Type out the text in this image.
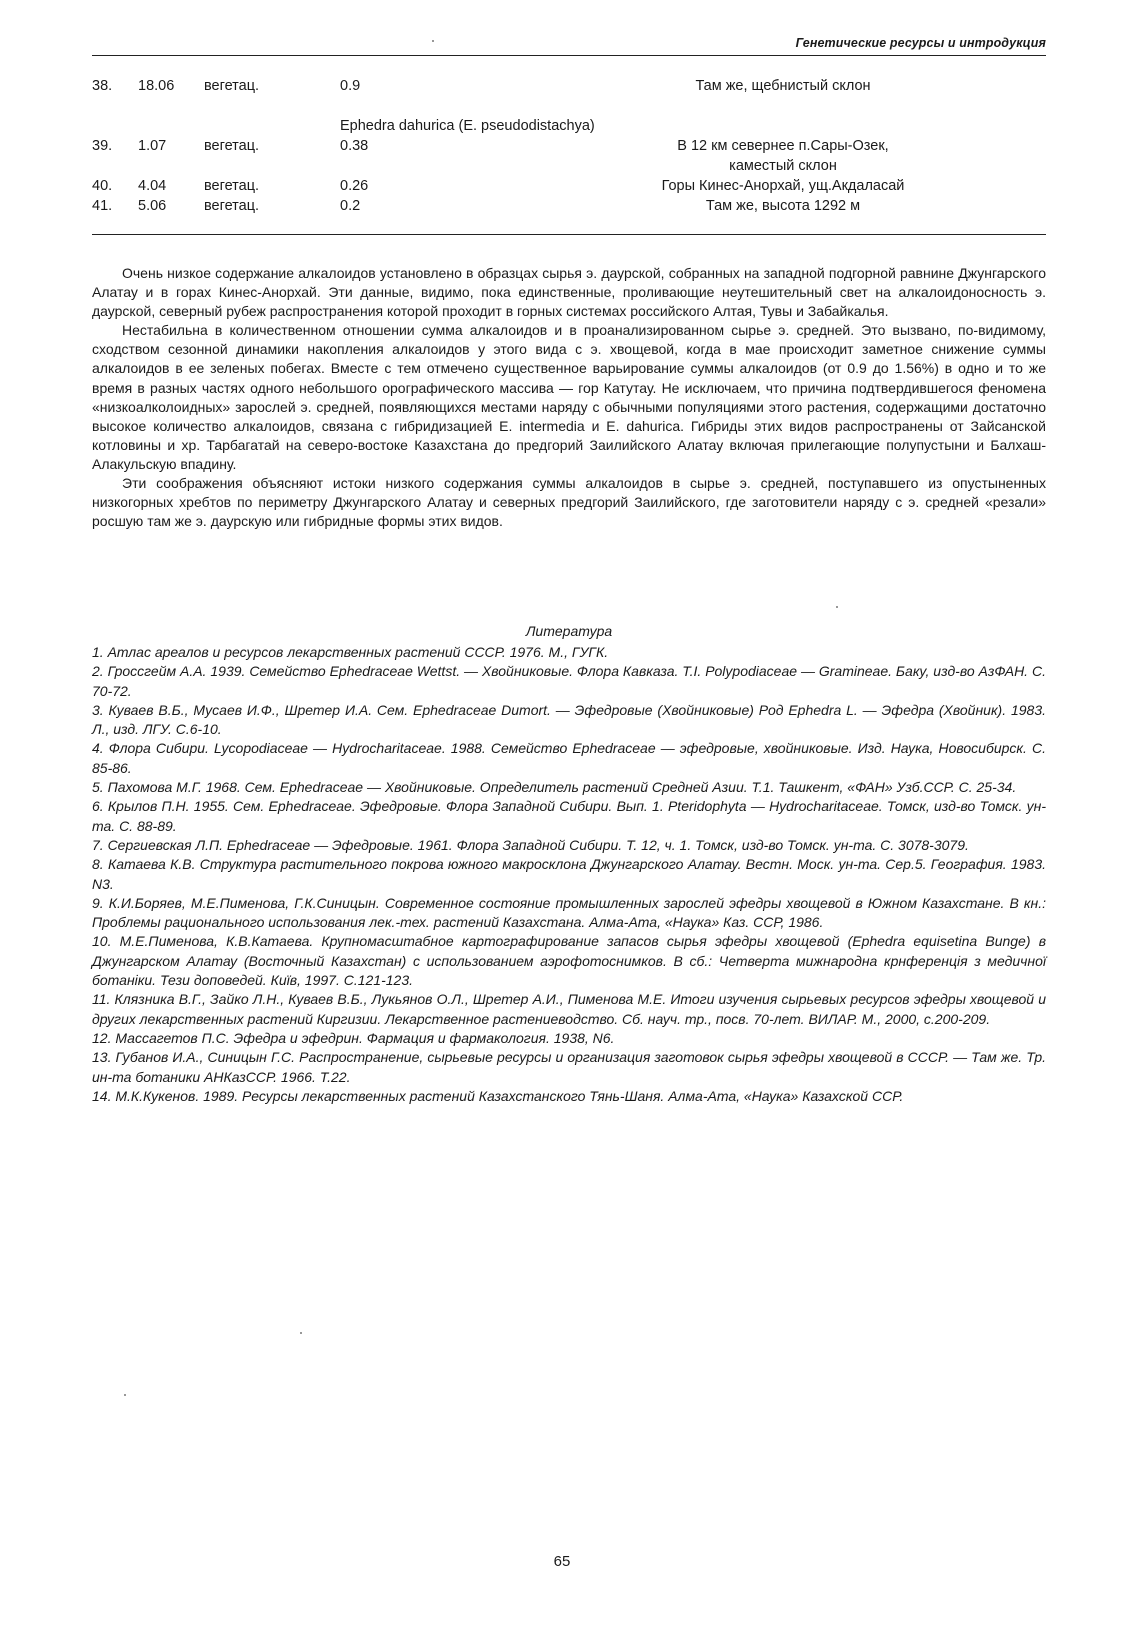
Генетические ресурсы и интродукция
38.	18.06	вегетац.	0.9	Там же, щебнистый склон
Ephedra dahurica (E. pseudodistachya)				
39.	1.07	вегетац.	0.38	В 12 км севернее п.Сары-Озек,
каместый склон
40.	4.04	вегетац.	0.26	Горы Кинес-Анорхай, ущ.Акдаласай
41.	5.06	вегетац.	0.2	Там же, высота 1292 м

Очень низкое содержание алкалоидов установлено в образцах сырья э. даурской, собранных на западной подгорной равнине Джунгарского Алатау и в горах Кинес-Анорхай. Эти данные, видимо, пока единственные, проливающие неутешительный свет на алкалоидоносность э. даурской, северный рубеж распространения которой проходит в горных системах российского Алтая, Тувы и Забайкалья.

Нестабильна в количественном отношении сумма алкалоидов и в проанализированном сырье э. средней. Это вызвано, по-видимому, сходством сезонной динамики накопления алкалоидов у этого вида с э. хвощевой, когда в мае происходит заметное снижение суммы алкалоидов в ее зеленых побегах. Вместе с тем отмечено существенное варьирование суммы алкалоидов (от 0.9 до 1.56%) в одно и то же время в разных частях одного небольшого орографического массива — гор Катутау. Не исключаем, что причина подтвердившегося феномена «низкоалколоидных» зарослей э. средней, появляющихся местами наряду с обычными популяциями этого растения, содержащими достаточно высокое количество алкалоидов, связана с гибридизацией E. intermedia и E. dahurica. Гибриды этих видов распространены от Зайсанской котловины и хр. Тарбагатай на северо-востоке Казахстана до предгорий Заилийского Алатау включая прилегающие полупустыни и Балхаш-Алакульскую впадину.

Эти соображения объясняют истоки низкого содержания суммы алкалоидов в сырье э. средней, поступавшего из опустыненных низкогорных хребтов по периметру Джунгарского Алатау и северных предгорий Заилийского, где заготовители наряду с э. средней «резали» росшую там же э. даурскую или гибридные формы этих видов.

Литература

1. Атлас ареалов и ресурсов лекарственных растений СССР. 1976. М., ГУГК.

2. Гроссгейм А.А. 1939. Семейство Ephedraceae Wettst. — Хвойниковые. Флора Кавказа. Т.I. Polypodiaceae — Gramineae. Баку, изд-во АзФАН. С. 70-72.

3. Куваев В.Б., Мусаев И.Ф., Шретер И.А. Сем. Ephedraceae Dumort. — Эфедровые (Хвойниковые) Род Ephedra L. — Эфедра (Хвойник). 1983. Л., изд. ЛГУ. С.6-10.

4. Флора Сибири. Lycopodiaceae — Hydrocharitaceae. 1988. Семейство Ephedraceae — эфедровые, хвойниковые. Изд. Наука, Новосибирск. С. 85-86.

5. Пахомова М.Г. 1968. Сем. Ephedraceae — Хвойниковые. Определитель растений Средней Азии. Т.1. Ташкент, «ФАН» Узб.ССР. С. 25-34.

6. Крылов П.Н. 1955. Сем. Ephedraceae. Эфедровые. Флора Западной Сибири. Вып. 1. Pteridophyta — Hydrocharitaceae. Томск, изд-во Томск. ун-та. С. 88-89.

7. Сергиевская Л.П. Ephedraceae — Эфедровые. 1961. Флора Западной Сибири. Т. 12, ч. 1. Томск, изд-во Томск. ун-та. С. 3078-3079.

8. Катаева К.В. Структура растительного покрова южного макросклона Джунгарского Алатау. Вестн. Моск. ун-та. Сер.5. География. 1983. N3.

9. К.И.Боряев, М.Е.Пименова, Г.К.Синицын. Современное состояние промышленных зарослей эфедры хвощевой в Южном Казахстане. В кн.: Проблемы рационального использования лек.-тех. растений Казахстана. Алма-Ата, «Наука» Каз. ССР, 1986.

10. М.Е.Пименова, К.В.Катаева. Крупномасштабное картографирование запасов сырья эфедры хвощевой (Ephedra equisetina Bunge) в Джунгарском Алатау (Восточный Казахстан) с использованием аэрофотоснимков. В сб.: Четверта мижнародна крнференція з медичної ботаніки. Тези доповедей. Київ, 1997. С.121-123.

11. Клязника В.Г., Зайко Л.Н., Куваев В.Б., Лукьянов О.Л., Шретер А.И., Пименова М.Е. Итоги изучения сырьевых ресурсов эфедры хвощевой и других лекарственных растений Киргизии. Лекарственное растениеводство. Сб. науч. тр., посв. 70-лет. ВИЛАР. М., 2000, с.200-209.

12. Массагетов П.С. Эфедра и эфедрин. Фармация и фармакология. 1938, N6.

13. Губанов И.А., Синицын Г.С. Распространение, сырьевые ресурсы и организация заготовок сырья эфедры хвощевой в СССР. — Там же. Тр. ин-та ботаники АНКазССР. 1966. Т.22.

14. М.К.Кукенов. 1989. Ресурсы лекарственных растений Казахстанского Тянь-Шаня. Алма-Ата, «Наука» Казахской ССР.

65
